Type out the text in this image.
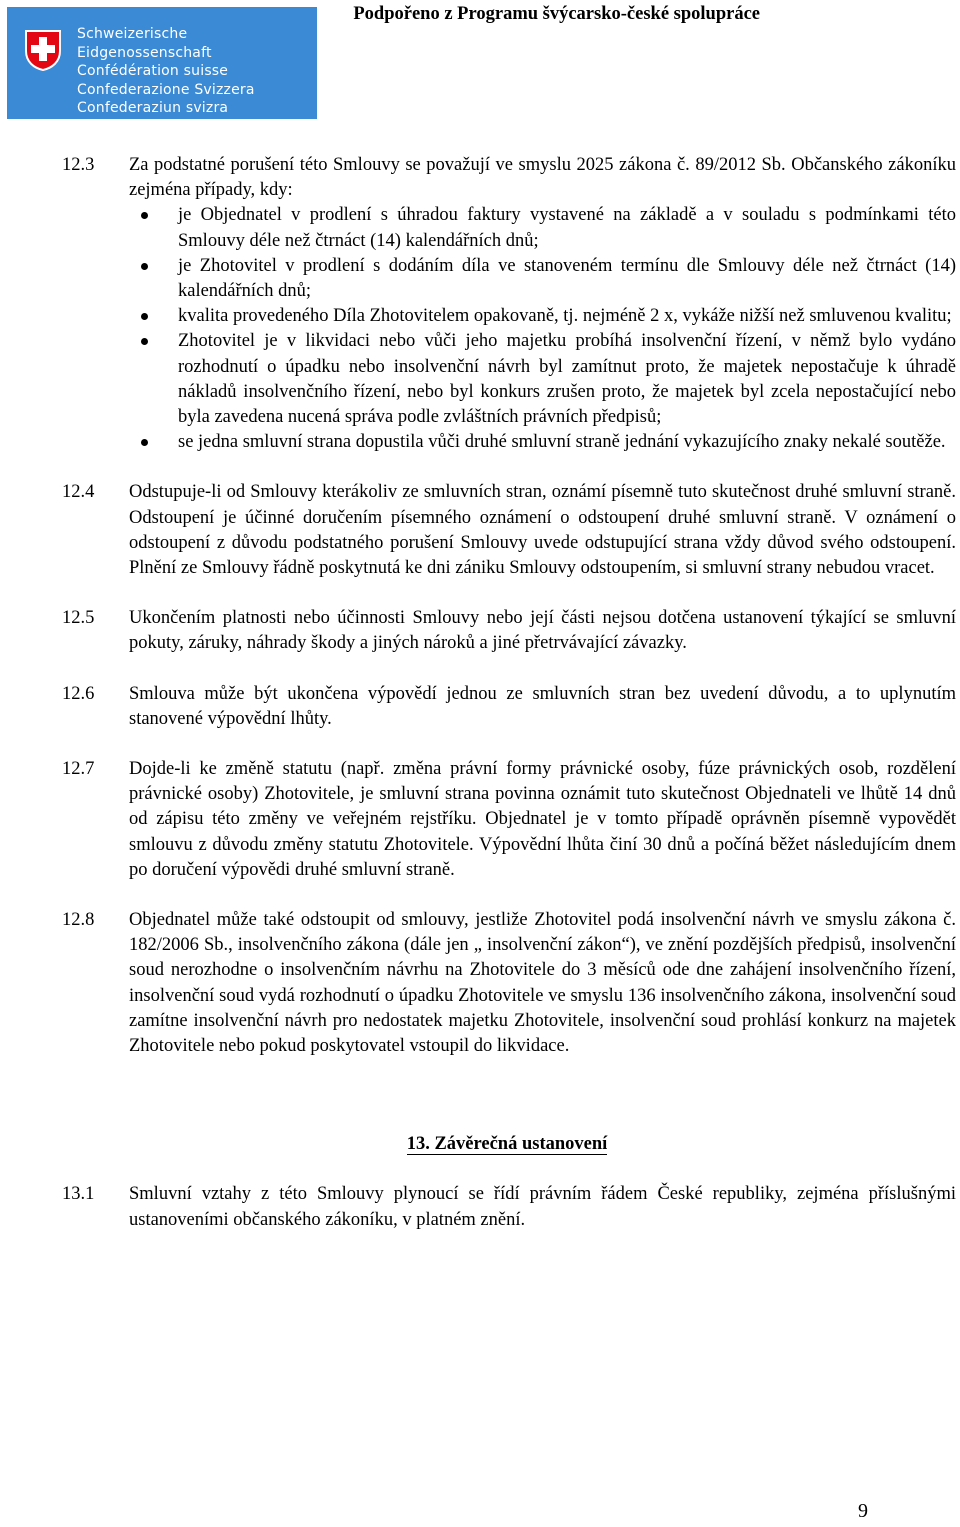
Schweizerische Eidgenossenschaft
Confédération suisse
Confederazione Svizzera
Confederaziun svizra
Podpořeno z Programu švýcarsko-české spolupráce
12.3 Za podstatné porušení této Smlouvy se považují ve smyslu 2025 zákona č. 89/2012 Sb. Občanského zákoníku zejména případy, kdy:
je Objednatel v prodlení s úhradou faktury vystavené na základě a v souladu s podmínkami této Smlouvy déle než čtrnáct (14) kalendářních dnů;
je Zhotovitel v prodlení s dodáním díla ve stanoveném termínu dle Smlouvy déle než čtrnáct (14) kalendářních dnů;
kvalita provedeného Díla Zhotovitelem opakovaně, tj. nejméně 2 x, vykáže nižší než smluvenou kvalitu;
Zhotovitel je v likvidaci nebo vůči jeho majetku probíhá insolvenční řízení, v němž bylo vydáno rozhodnutí o úpadku nebo insolvenční návrh byl zamítnut proto, že majetek nepostačuje k úhradě nákladů insolvenčního řízení, nebo byl konkurs zrušen proto, že majetek byl zcela nepostačující nebo byla zavedena nucená správa podle zvláštních právních předpisů;
se jedna smluvní strana dopustila vůči druhé smluvní straně jednání vykazujícího znaky nekalé soutěže.
12.4 Odstupuje-li od Smlouvy kterákoliv ze smluvních stran, oznámí písemně tuto skutečnost druhé smluvní straně. Odstoupení je účinné doručením písemného oznámení o odstoupení druhé smluvní straně. V oznámení o odstoupení z důvodu podstatného porušení Smlouvy uvede odstupující strana vždy důvod svého odstoupení. Plnění ze Smlouvy řádně poskytnutá ke dni zániku Smlouvy odstoupením, si smluvní strany nebudou vracet.
12.5 Ukončením platnosti nebo účinnosti Smlouvy nebo její části nejsou dotčena ustanovení týkající se smluvní pokuty, záruky, náhrady škody a jiných nároků a jiné přetrvávající závazky.
12.6 Smlouva může být ukončena výpovědí jednou ze smluvních stran bez uvedení důvodu, a to uplynutím stanovené výpovědní lhůty.
12.7 Dojde-li ke změně statutu (např. změna právní formy právnické osoby, fúze právnických osob, rozdělení právnické osoby) Zhotovitele, je smluvní strana povinna oznámit tuto skutečnost Objednateli ve lhůtě 14 dnů od zápisu této změny ve veřejném rejstříku. Objednatel je v tomto případě oprávněn písemně vypovědět smlouvu z důvodu změny statutu Zhotovitele. Výpovědní lhůta činí 30 dnů a počíná běžet následujícím dnem po doručení výpovědi druhé smluvní straně.
12.8 Objednatel může také odstoupit od smlouvy, jestliže Zhotovitel podá insolvenční návrh ve smyslu zákona č. 182/2006 Sb., insolvenčního zákona (dále jen „ insolvenční zákon“), ve znění pozdějších předpisů, insolvenční soud nerozhodne o insolvenčním návrhu na Zhotovitele do 3 měsíců ode dne zahájení insolvenčního řízení, insolvenční soud vydá rozhodnutí o úpadku Zhotovitele ve smyslu 136 insolvenčního zákona, insolvenční soud zamítne insolvenční návrh pro nedostatek majetku Zhotovitele, insolvenční soud prohlásí konkurz na majetek Zhotovitele nebo pokud poskytovatel vstoupil do likvidace.
13. Závěrečná ustanovení
13.1 Smluvní vztahy z této Smlouvy plynoucí se řídí právním řádem České republiky, zejména příslušnými ustanoveními občanského zákoníku, v platném znění.
9
